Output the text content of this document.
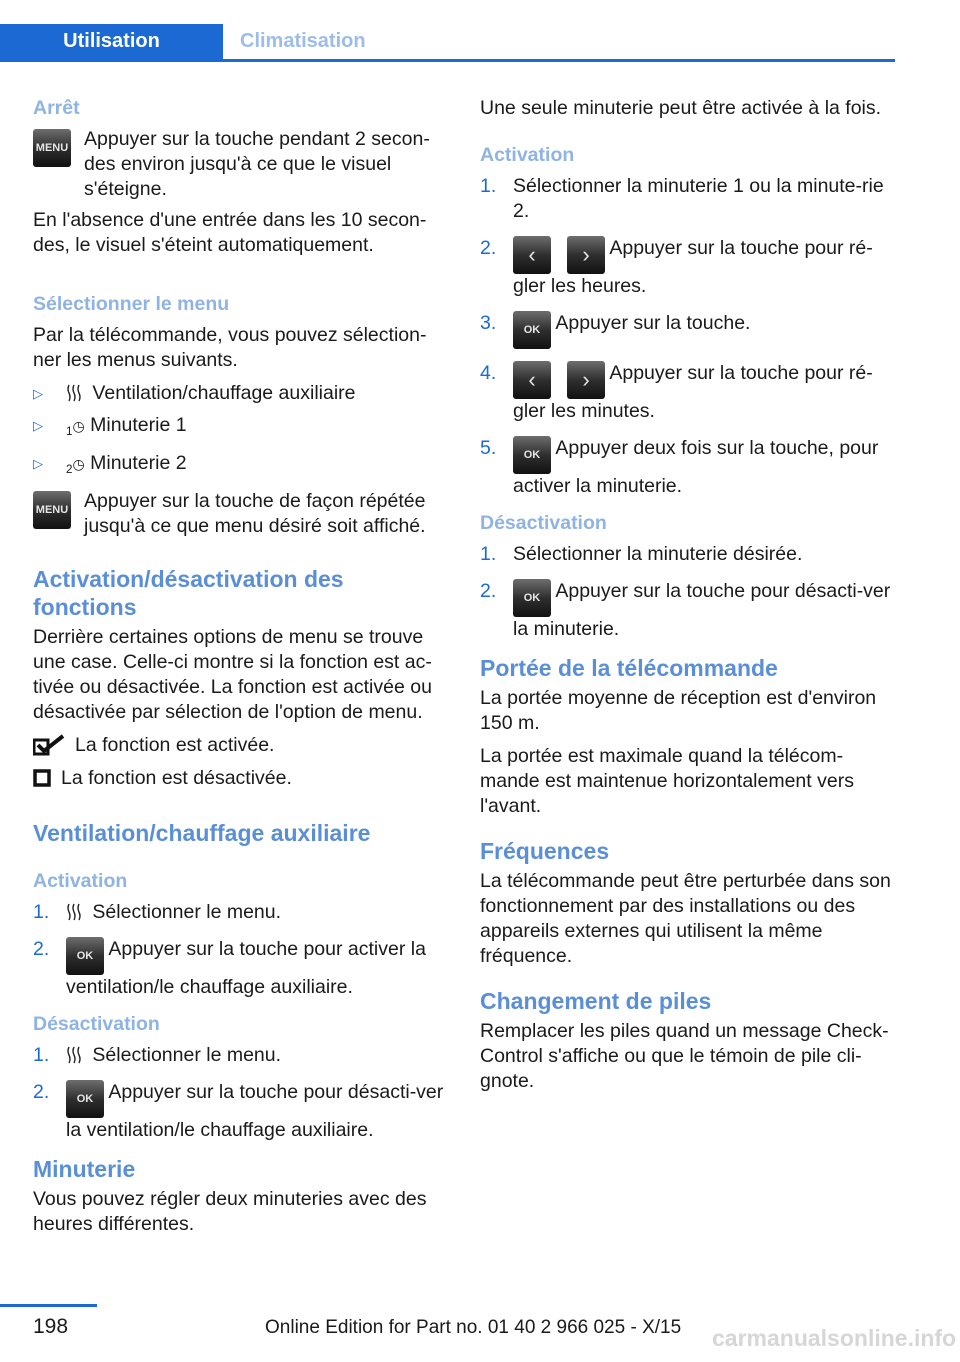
Utilisation	Climatisation
Arrêt
MENU Appuyer sur la touche pendant 2 secon-des environ jusqu'à ce que le visuel s'éteigne.

En l'absence d'une entrée dans les 10 secon-des, le visuel s'éteint automatiquement.

Sélectionner le menu

Par la télécommande, vous pouvez sélection-ner les menus suivants.

▷	Ventilation/chauffage auxiliaire
▷	$_1$◷ Minuterie 1
▷	$_2$◷ Minuterie 2
MENU Appuyer sur la touche de façon répétée jusqu'à ce que menu désiré soit affiché.
Activation/désactivation des fonctions

Derrière certaines options de menu se trouve une case. Celle-ci montre si la fonction est ac-tivée ou désactivée. La fonction est activée ou désactivée par sélection de l'option de menu.

La fonction est activée.
La fonction est désactivée.
Ventilation/chauffage auxiliaire
Activation
1.	Sélectionner le menu.
2.	OK Appuyer sur la touche pour activer la ventilation/le chauffage auxiliaire.
Désactivation
1.	Sélectionner le menu.
2.	OK Appuyer sur la touche pour désacti-ver la ventilation/le chauffage auxiliaire.
Minuterie

Vous pouvez régler deux minuteries avec des heures différentes.

Une seule minuterie peut être activée à la fois.

Activation
1. Sélectionner la minuterie 1 ou la minute-rie 2.
2.	‹ › Appuyer sur la touche pour ré-gler les heures.
3.	OK Appuyer sur la touche.
4.	‹ › Appuyer sur la touche pour ré-gler les minutes.
5.	OK Appuyer deux fois sur la touche, pour activer la minuterie.
Désactivation
1. Sélectionner la minuterie désirée.
2.	OK Appuyer sur la touche pour désacti-ver la minuterie.
Portée de la télécommande

La portée moyenne de réception est d'environ 150 m.

La portée est maximale quand la télécom-mande est maintenue horizontalement vers l'avant.

Fréquences

La télécommande peut être perturbée dans son fonctionnement par des installations ou des appareils externes qui utilisent la même fréquence.

Changement de piles

Remplacer les piles quand un message Check-Control s'affiche ou que le témoin de pile cli-gnote.

198	Online Edition for Part no. 01 40 2 966 025 - X/15 carmanualsonline.info
